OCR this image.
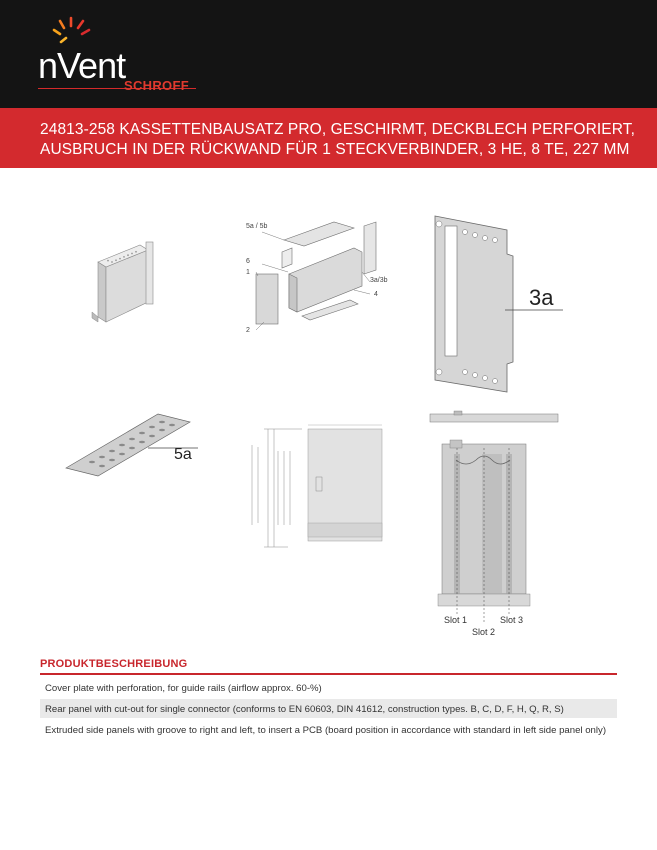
nVent
SCHROFF
24813-258 KASSETTENBAUSATZ PRO, GESCHIRMT, DECKBLECH PERFORIERT,
AUSBRUCH IN DER RÜCKWAND FÜR 1 STECKVERBINDER, 3 HE, 8 TE, 227 MM
5a / 5b
6
1
2
3a/3b
4	3a
5a
Slot 1
Slot 2
Slot 3
PRODUKTBESCHREIBUNG
Cover plate with perforation, for guide rails (airflow approx. 60-%)
Rear panel with cut-out for single connector (conforms to EN 60603, DIN 41612, construction types. B, C, D, F, H, Q, R, S)
Extruded side panels with groove to right and left, to insert a PCB (board position in accordance with standard in left side panel only)
